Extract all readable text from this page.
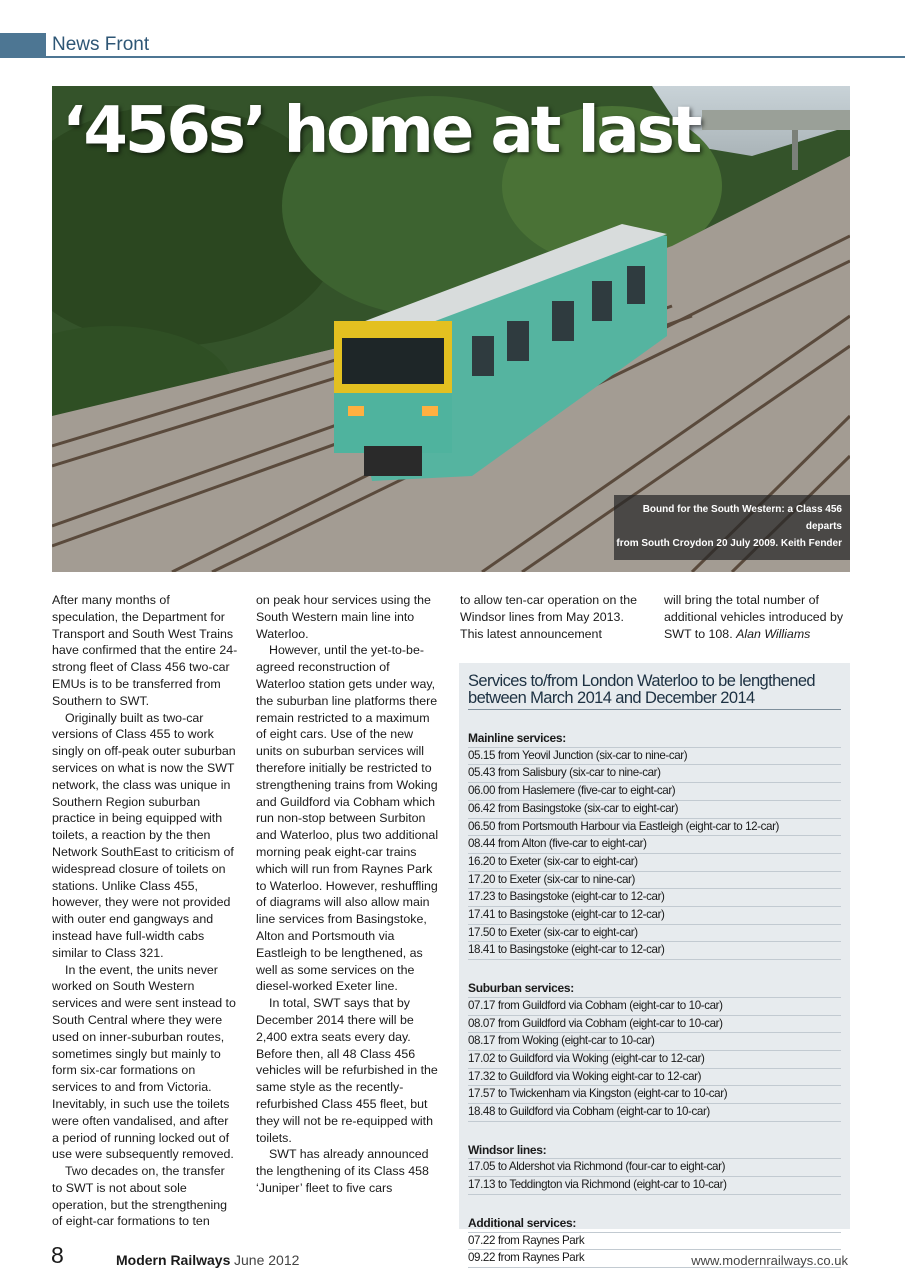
News Front
‘456s’ home at last
Bound for the South Western: a Class 456 departs
from South Croydon 20 July 2009. Keith Fender

After many months of speculation, the Department for Transport and South West Trains have confirmed that the entire 24-strong fleet of Class 456 two-car EMUs is to be transferred from Southern to SWT.

Originally built as two-car versions of Class 455 to work singly on off-peak outer suburban services on what is now the SWT network, the class was unique in Southern Region suburban practice in being equipped with toilets, a reaction by the then Network SouthEast to criticism of widespread closure of toilets on stations. Unlike Class 455, however, they were not provided with outer end gangways and instead have full-width cabs similar to Class 321.

In the event, the units never worked on South Western services and were sent instead to South Central where they were used on inner-suburban routes, sometimes singly but mainly to form six-car formations on services to and from Victoria. Inevitably, in such use the toilets were often vandalised, and after a period of running locked out of use were subsequently removed.

Two decades on, the transfer to SWT is not about sole operation, but the strengthening of eight-car formations to ten

on peak hour services using the South Western main line into Waterloo.

However, until the yet-to-be-agreed reconstruction of Waterloo station gets under way, the suburban line platforms there remain restricted to a maximum of eight cars. Use of the new units on suburban services will therefore initially be restricted to strengthening trains from Woking and Guildford via Cobham which run non-stop between Surbiton and Waterloo, plus two additional morning peak eight-car trains which will run from Raynes Park to Waterloo. However, reshuffling of diagrams will also allow main line services from Basingstoke, Alton and Portsmouth via Eastleigh to be lengthened, as well as some services on the diesel-worked Exeter line.

In total, SWT says that by December 2014 there will be 2,400 extra seats every day. Before then, all 48 Class 456 vehicles will be refurbished in the same style as the recently-refurbished Class 455 fleet, but they will not be re-equipped with toilets.

SWT has already announced the lengthening of its Class 458 ‘Juniper’ fleet to five cars

to allow ten-car operation on the Windsor lines from May 2013. This latest announcement

will bring the total number of additional vehicles introduced by SWT to 108. Alan Williams

Services to/from London Waterloo to be lengthened
between March 2014 and December 2014
Mainline services:
05.15 from Yeovil Junction (six-car to nine-car)
05.43 from Salisbury (six-car to nine-car)
06.00 from Haslemere (five-car to eight-car)
06.42 from Basingstoke (six-car to eight-car)
06.50 from Portsmouth Harbour via Eastleigh (eight-car to 12-car)
08.44 from Alton (five-car to eight-car)
16.20 to Exeter (six-car to eight-car)
17.20 to Exeter (six-car to nine-car)
17.23 to Basingstoke (eight-car to 12-car)
17.41 to Basingstoke (eight-car to 12-car)
17.50 to Exeter (six-car to eight-car)
18.41 to Basingstoke (eight-car to 12-car)
Suburban services:
07.17 from Guildford via Cobham (eight-car to 10-car)
08.07 from Guildford via Cobham (eight-car to 10-car)
08.17 from Woking (eight-car to 10-car)
17.02 to Guildford via Woking (eight-car to 12-car)
17.32 to Guildford via Woking eight-car to 12-car)
17.57 to Twickenham via Kingston (eight-car to 10-car)
18.48 to Guildford via Cobham (eight-car to 10-car)
Windsor lines:
17.05 to Aldershot via Richmond (four-car to eight-car)
17.13 to Teddington via Richmond (eight-car to 10-car)
Additional services:
07.22 from Raynes Park
09.22 from Raynes Park
8	Modern Railways June 2012	www.modernrailways.co.uk
